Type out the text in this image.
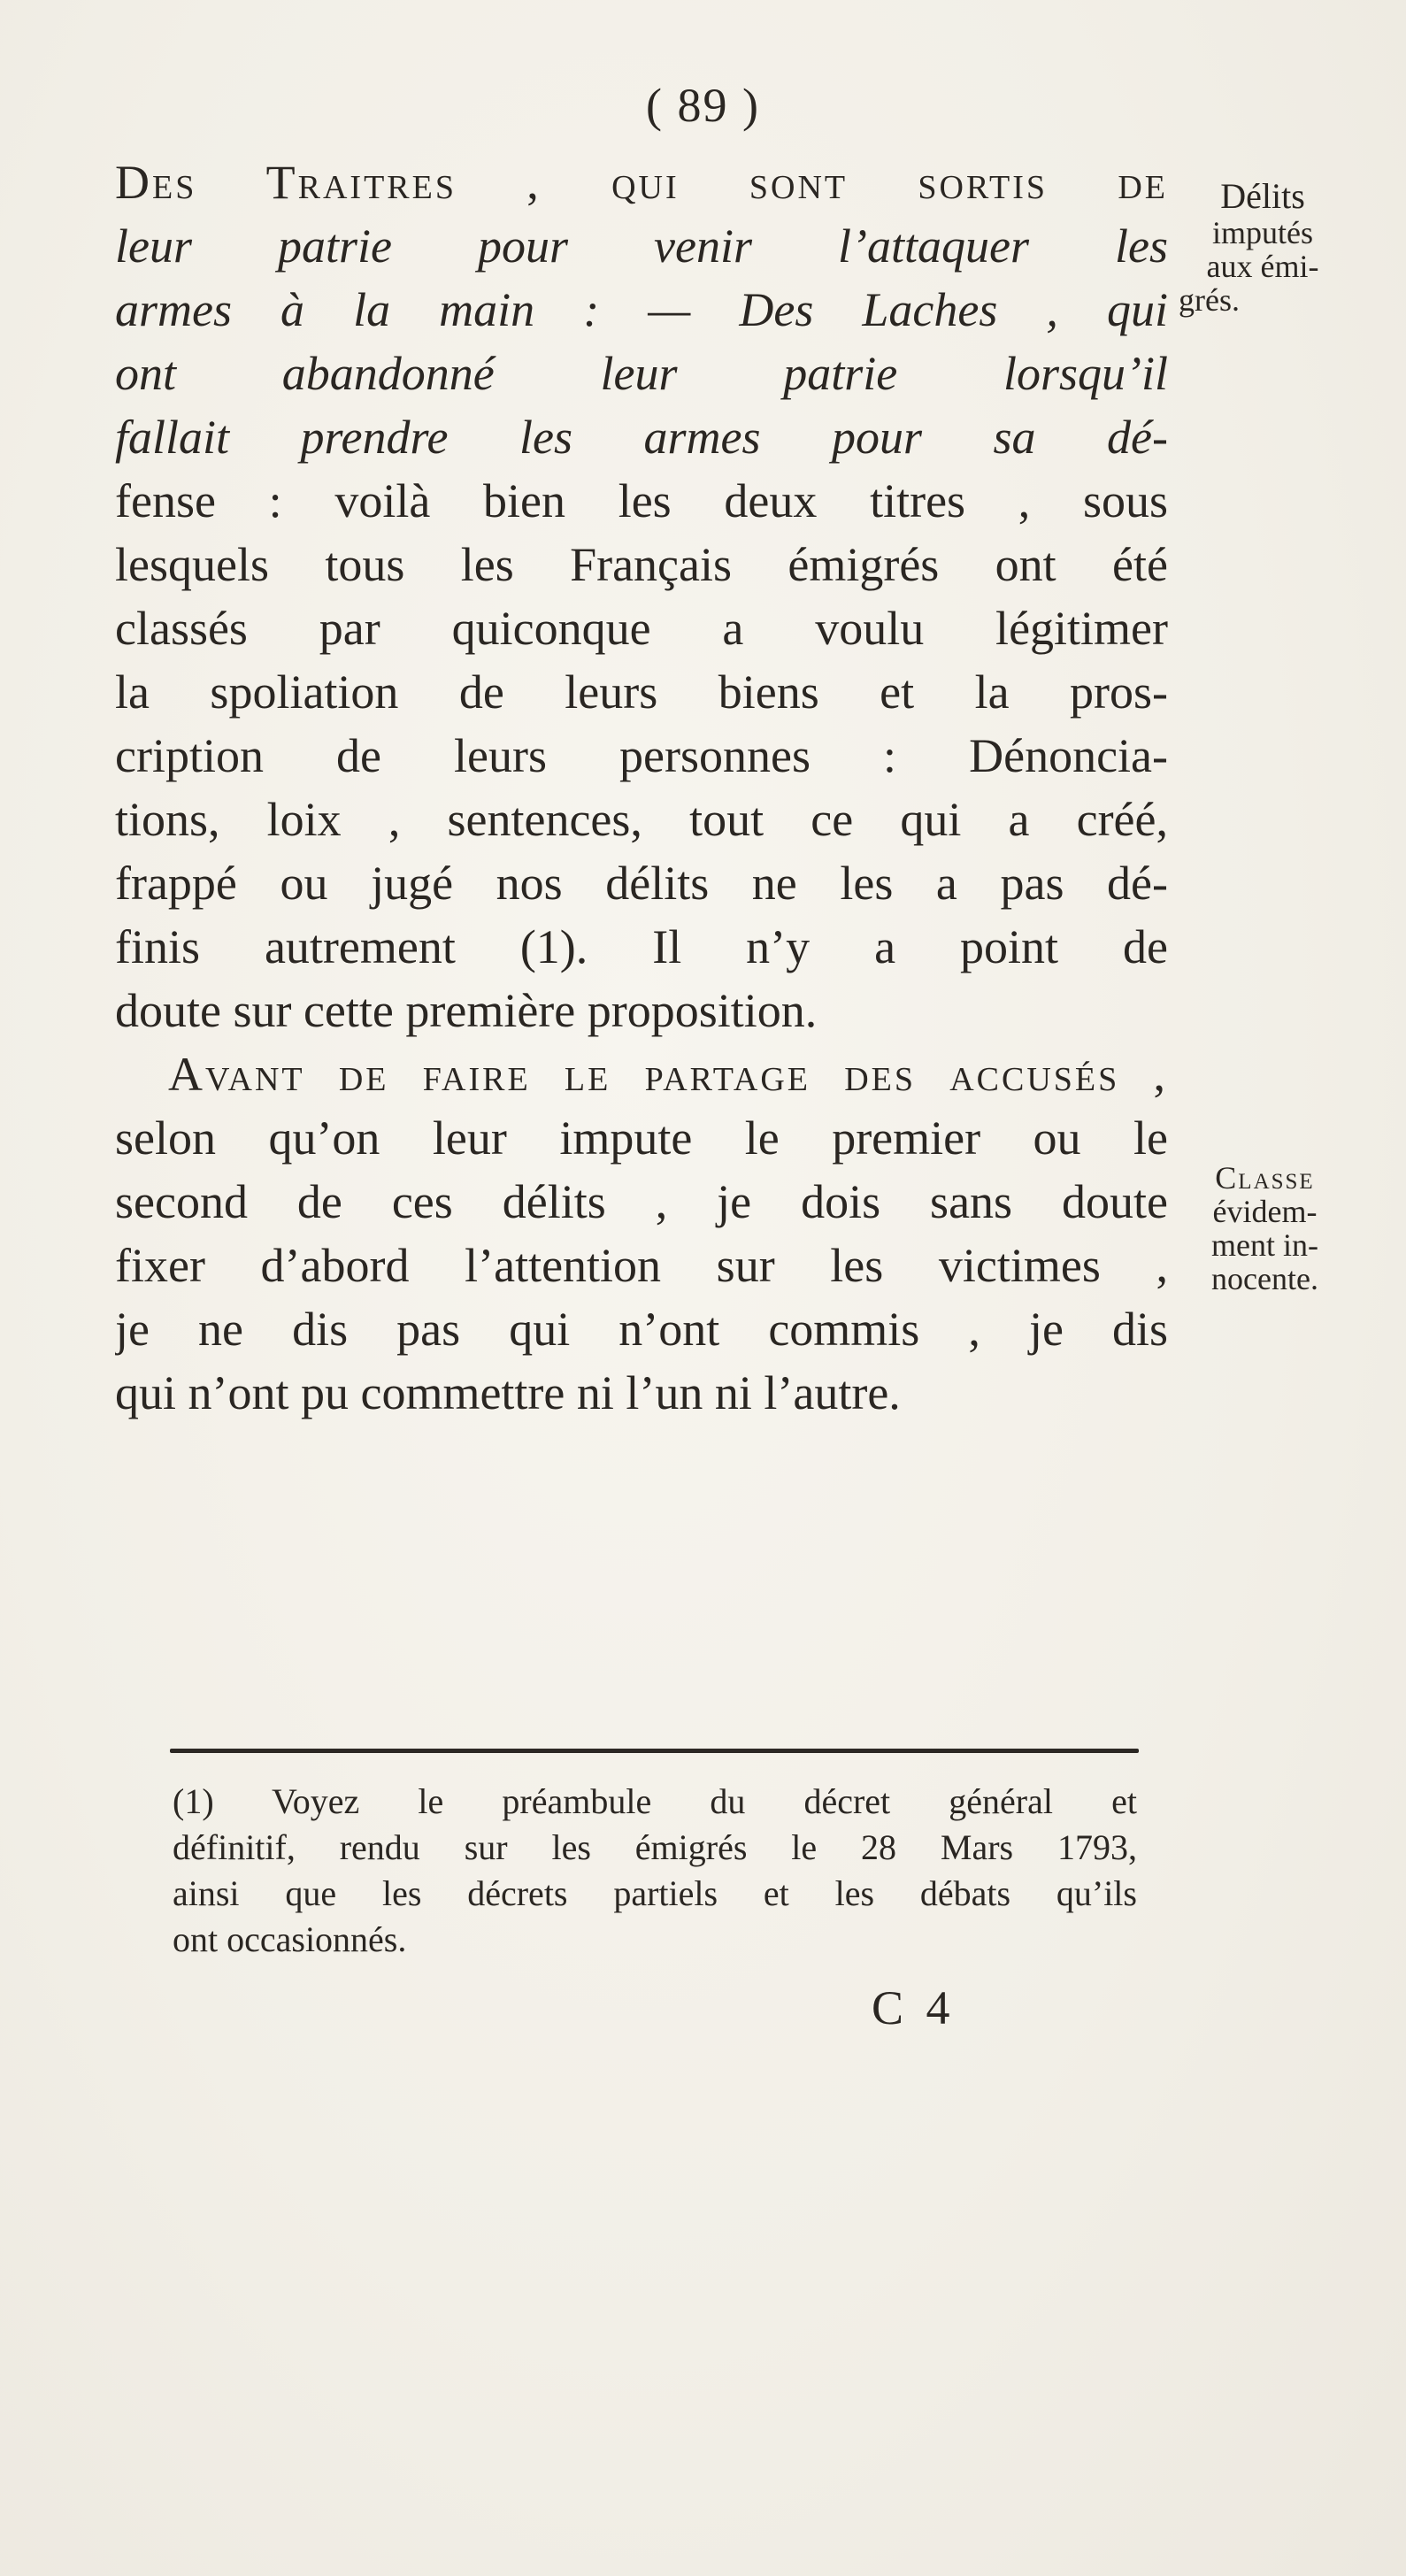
( 89 )
Des Traitres , qui sont sortis de
leur patrie pour venir l’attaquer les
armes à la main : — Des Laches , qui
ont abandonné leur patrie lorsqu’il
fallait prendre les armes pour sa dé-
fense : voilà bien les deux titres , sous
lesquels tous les Français émigrés ont été
classés par quiconque a voulu légitimer
la spoliation de leurs biens et la pros-
cription de leurs personnes : Dénoncia-
tions, loix , sentences, tout ce qui a créé,
frappé ou jugé nos délits ne les a pas dé-
finis autrement (1). Il n’y a point de
doute sur cette première proposition.
Avant de faire le partage des accusés ,
selon qu’on leur impute le premier ou le
second de ces délits , je dois sans doute
fixer d’abord l’attention sur les victimes ,
je ne dis pas qui n’ont commis , je dis
qui n’ont pu commettre ni l’un ni l’autre.
Délits
imputés
aux émi-
grés.
Classe
évidem-
ment in-
nocente.
(1) Voyez le préambule du décret général et
définitif, rendu sur les émigrés le 28 Mars 1793,
ainsi que les décrets partiels et les débats qu’ils
ont occasionnés.
C 4
